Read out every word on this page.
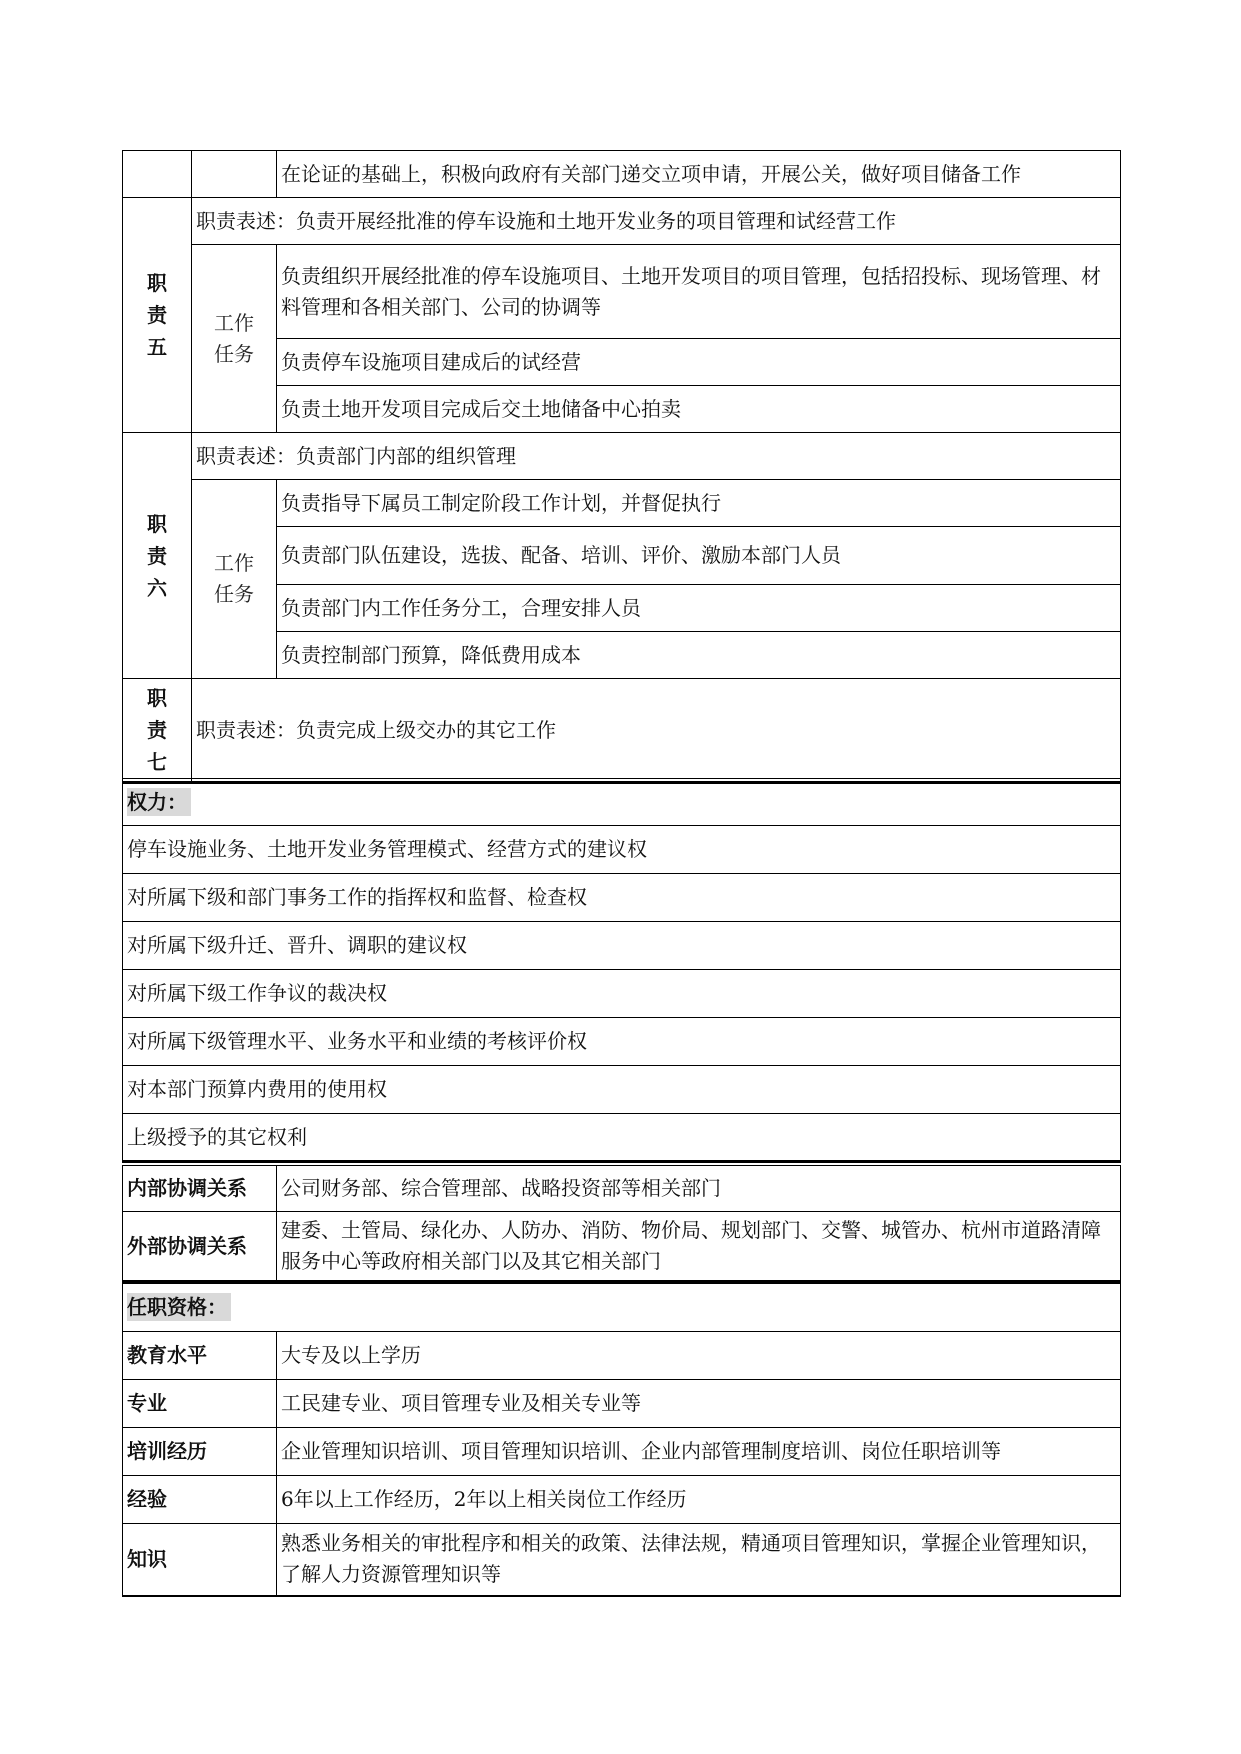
		在论证的基础上，积极向政府有关部门递交立项申请，开展公关，做好项目储备工作
职
责
五	职责表述：负责开展经批准的停车设施和土地开发业务的项目管理和试经营工作	
	工作
任务	负责组织开展经批准的停车设施项目、土地开发项目的项目管理，包括招投标、现场管理、材料管理和各相关部门、公司的协调等
		负责停车设施项目建成后的试经营
		负责土地开发项目完成后交土地储备中心拍卖
职
责
六	职责表述：负责部门内部的组织管理	
	工作
任务	负责指导下属员工制定阶段工作计划，并督促执行
		负责部门队伍建设，选拔、配备、培训、评价、激励本部门人员
		负责部门内工作任务分工，合理安排人员
		负责控制部门预算，降低费用成本
职
责
七	职责表述：负责完成上级交办的其它工作	
权力：
停车设施业务、土地开发业务管理模式、经营方式的建议权
对所属下级和部门事务工作的指挥权和监督、检查权
对所属下级升迁、晋升、调职的建议权
对所属下级工作争议的裁决权
对所属下级管理水平、业务水平和业绩的考核评价权
对本部门预算内费用的使用权
上级授予的其它权利
内部协调关系	公司财务部、综合管理部、战略投资部等相关部门
外部协调关系	建委、土管局、绿化办、人防办、消防、物价局、规划部门、交警、城管办、杭州市道路清障服务中心等政府相关部门以及其它相关部门
任职资格：	
教育水平	大专及以上学历
专业	工民建专业、项目管理专业及相关专业等
培训经历	企业管理知识培训、项目管理知识培训、企业内部管理制度培训、岗位任职培训等
经验	6年以上工作经历，2年以上相关岗位工作经历
知识	熟悉业务相关的审批程序和相关的政策、法律法规，精通项目管理知识，掌握企业管理知识，了解人力资源管理知识等
